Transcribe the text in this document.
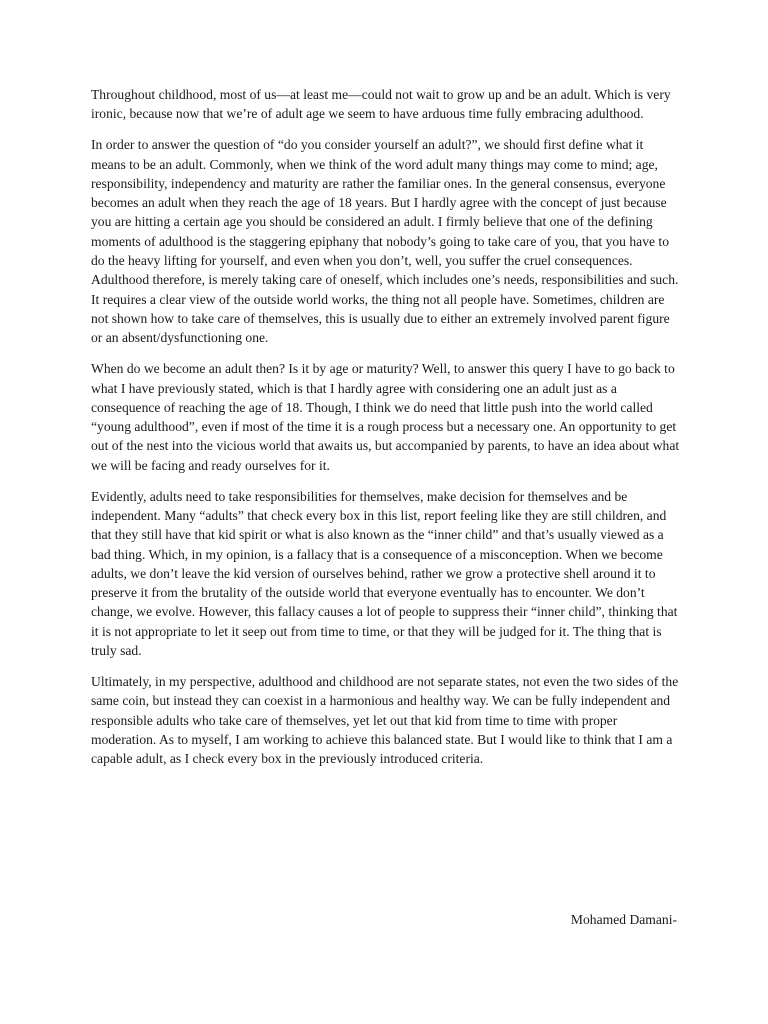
Throughout childhood, most of us—at least me—could not wait to grow up and be an adult. Which is very ironic, because now that we’re of adult age we seem to have arduous time fully embracing adulthood.

In order to answer the question of “do you consider yourself an adult?”, we should first define what it means to be an adult. Commonly, when we think of the word adult many things may come to mind; age, responsibility, independency and maturity are rather the familiar ones. In the general consensus, everyone becomes an adult when they reach the age of 18 years. But I hardly agree with the concept of just because you are hitting a certain age you should be considered an adult. I firmly believe that one of the defining moments of adulthood is the staggering epiphany that nobody’s going to take care of you, that you have to do the heavy lifting for yourself, and even when you don’t, well, you suffer the cruel consequences. Adulthood therefore, is merely taking care of oneself, which includes one’s needs, responsibilities and such. It requires a clear view of the outside world works, the thing not all people have. Sometimes, children are not shown how to take care of themselves, this is usually due to either an extremely involved parent figure or an absent/dysfunctioning one.

When do we become an adult then? Is it by age or maturity? Well, to answer this query I have to go back to what I have previously stated, which is that I hardly agree with considering one an adult just as a consequence of reaching the age of 18. Though, I think we do need that little push into the world called “young adulthood”, even if most of the time it is a rough process but a necessary one. An opportunity to get out of the nest into the vicious world that awaits us, but accompanied by parents, to have an idea about what we will be facing and ready ourselves for it.

Evidently, adults need to take responsibilities for themselves, make decision for themselves and be independent. Many “adults” that check every box in this list, report feeling like they are still children, and that they still have that kid spirit or what is also known as the “inner child” and that’s usually viewed as a bad thing. Which, in my opinion, is a fallacy that is a consequence of a misconception. When we become adults, we don’t leave the kid version of ourselves behind, rather we grow a protective shell around it to preserve it from the brutality of the outside world that everyone eventually has to encounter. We don’t change, we evolve. However, this fallacy causes a lot of people to suppress their “inner child”, thinking that it is not appropriate to let it seep out from time to time, or that they will be judged for it. The thing that is truly sad.

Ultimately, in my perspective, adulthood and childhood are not separate states, not even the two sides of the same coin, but instead they can coexist in a harmonious and healthy way. We can be fully independent and responsible adults who take care of themselves, yet let out that kid from time to time with proper moderation. As to myself, I am working to achieve this balanced state. But I would like to think that I am a capable adult, as I check every box in the previously introduced criteria.

Mohamed Damani-
